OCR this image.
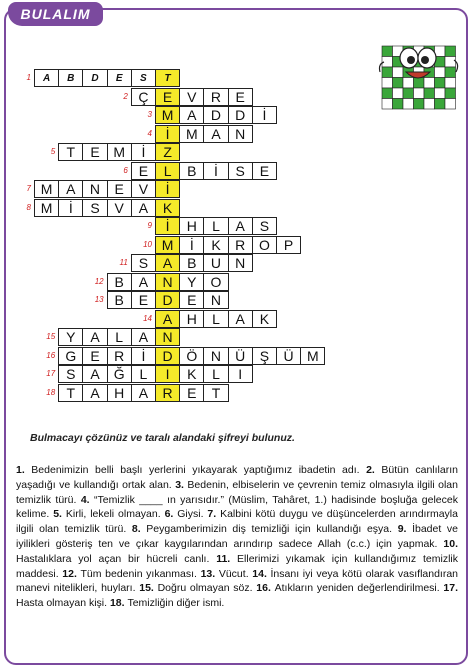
BULALIM
1	A	B	D	E	S	T
2 Ç	E	V	R	E
3 M A	D	D	İ
4 İ	M A	N
5 T	E M	İ	Z
6 E	L	B	İ	S	E
7 M A	N	E	V	İ
8 M	İ	S	V	A	K
9 İ	H	L	A	S
10 M	İ	K	R O	P
11 S	A	B	U	N
12 B	A	N	Y	O
13 B	E	D	E	N
14 A	H	L	A	K
15 Y	A	L	A	N
16 G	E	R	İ	D Ö N	Ü	Ş	Ü M
17 S	A	Ğ	L	I	K	L	I
18 T	A	H	A	R	E	T
Bulmacayı çözünüz ve taralı alandaki şifreyi bulunuz.
1. Bedenimizin belli başlı yerlerini yıkayarak yaptığımız ibadetin adı. 2. Bütün canlıların yaşadığı ve kullandığı ortak alan. 3. Bedenin, elbiselerin ve çevrenin temiz olmasıyla ilgili olan temizlik türü. 4. “Temizlik ____ ın yarısıdır.” (Müslim, Tahâret, 1.) hadisinde boşluğa gelecek kelime. 5. Kirli, lekeli olmayan. 6. Giysi. 7. Kalbini kötü duygu ve düşüncelerden arındırmayla ilgili olan temizlik türü. 8. Peygamberimizin diş temizliği için kullandığı eşya. 9. İbadet ve iyilikleri gösteriş ten ve çıkar kaygılarından arındırıp sadece Allah (c.c.) için yapmak. 10. Hastalıklara yol açan bir hücreli canlı. 11. Ellerimizi yıkamak için kullandığımız temizlik maddesi. 12. Tüm bedenin yıkanması. 13. Vücut. 14. İnsanı iyi veya kötü olarak vasıflandıran manevi nitelikleri, huyları. 15. Doğru olmayan söz. 16. Atıkların yeniden değerlendirilmesi. 17. Hasta olmayan kişi. 18. Temizliğin diğer ismi.
